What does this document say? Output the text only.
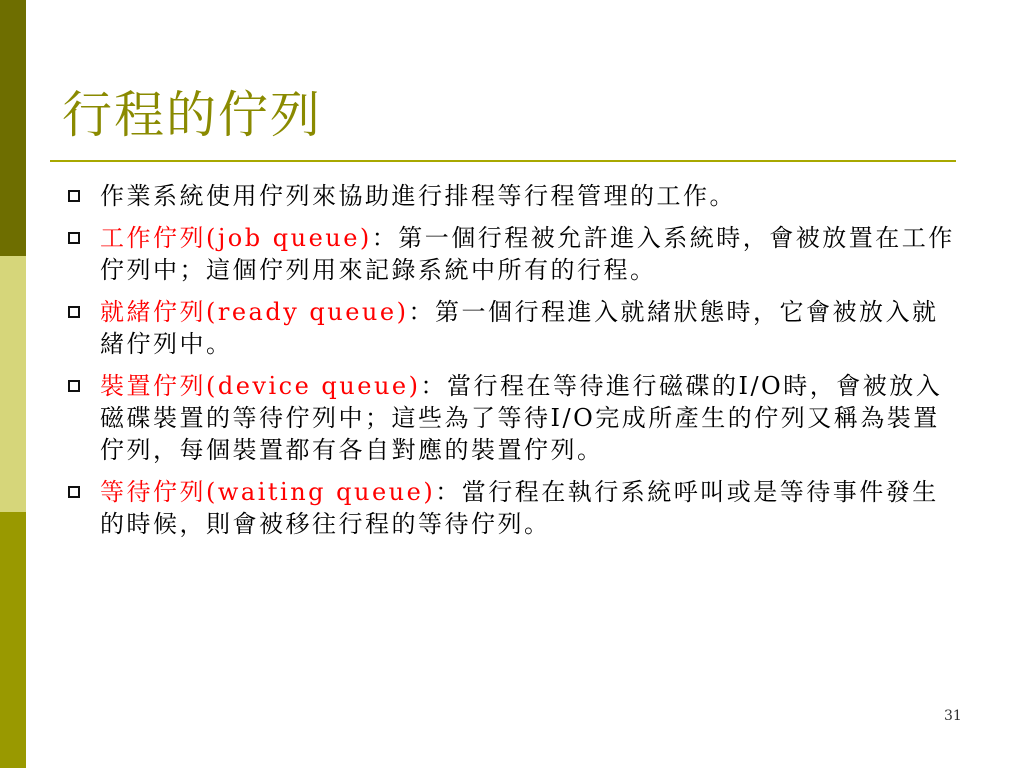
行程的佇列
作業系統使用佇列來協助進行排程等行程管理的工作。
工作佇列(job queue)：第一個行程被允許進入系統時，會被放置在工作佇列中；這個佇列用來記錄系統中所有的行程。
就緒佇列(ready queue)：第一個行程進入就緒狀態時，它會被放入就緒佇列中。
裝置佇列(device queue)：當行程在等待進行磁碟的I/O時，會被放入磁碟裝置的等待佇列中；這些為了等待I/O完成所產生的佇列又稱為裝置佇列，每個裝置都有各自對應的裝置佇列。
等待佇列(waiting queue)：當行程在執行系統呼叫或是等待事件發生的時候，則會被移往行程的等待佇列。
31
